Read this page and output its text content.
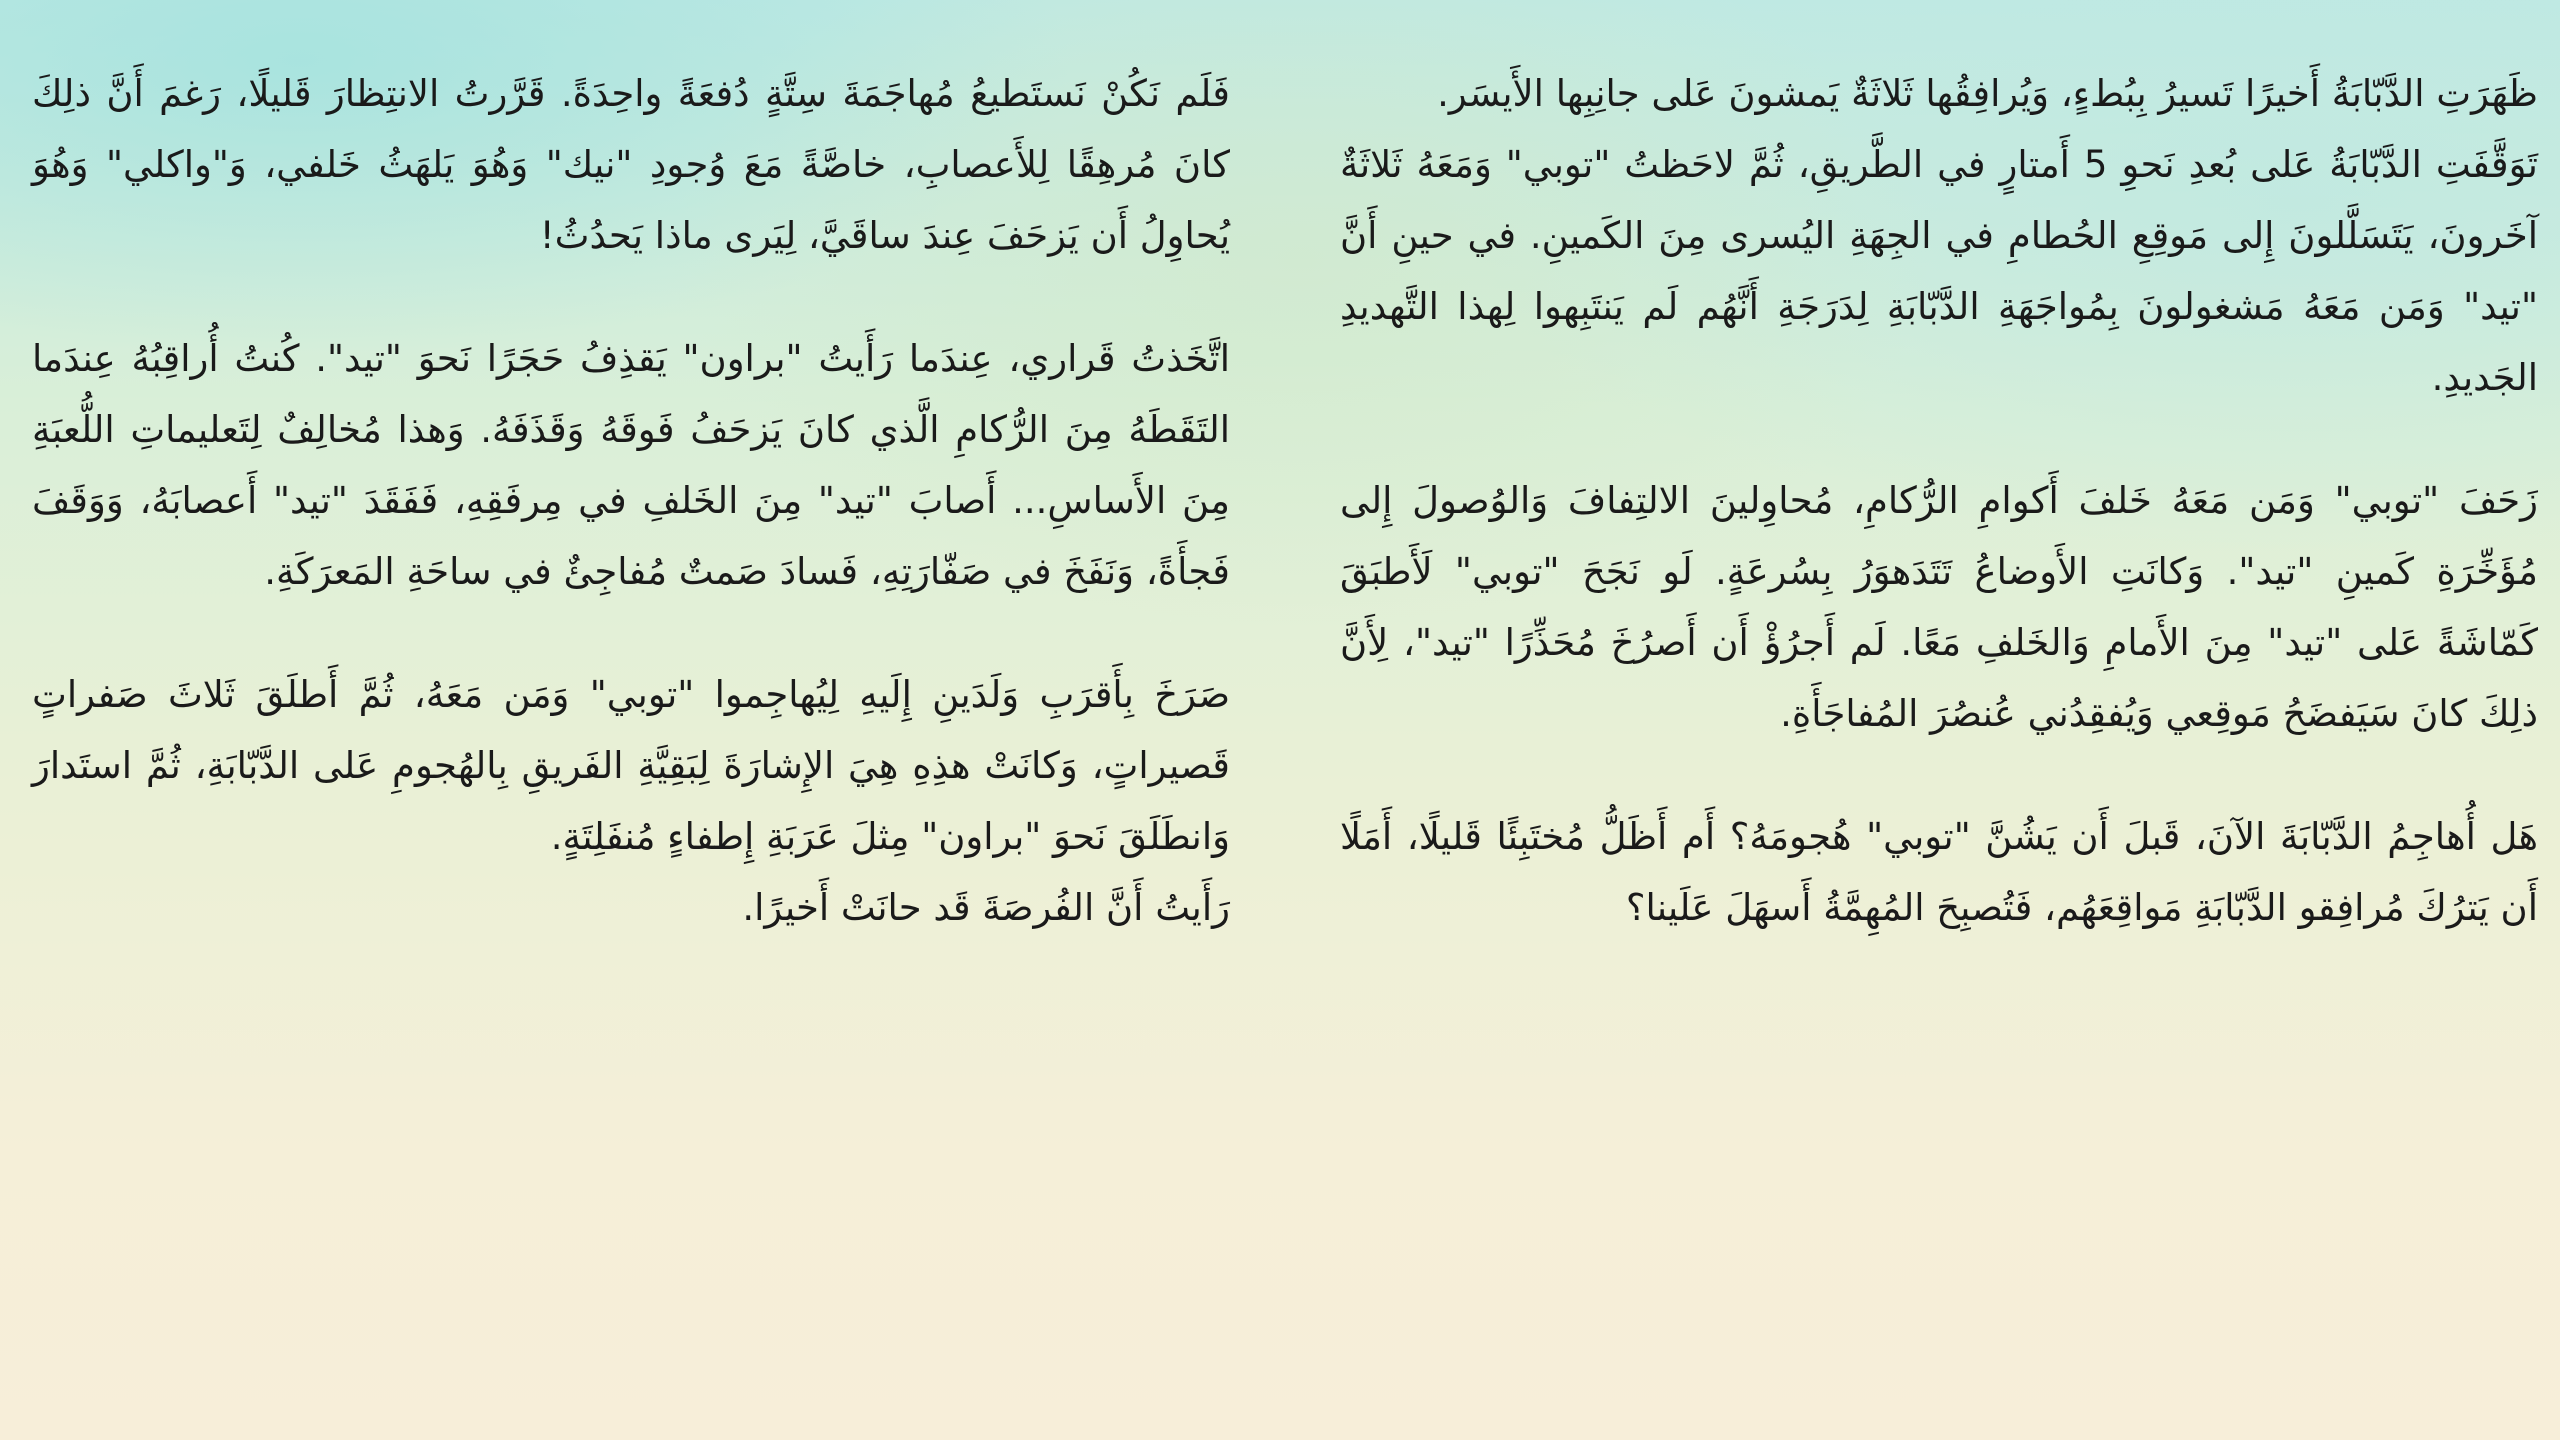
ظَهَرَتِ الدَّبّابَةُ أَخيرًا تَسيرُ بِبُطءٍ، وَيُرافِقُها ثَلاثَةٌ يَمشونَ عَلى جانِبِها الأَيسَر.

تَوَقَّفَتِ الدَّبّابَةُ عَلى بُعدِ نَحوِ 5 أَمتارٍ في الطَّريقِ، ثُمَّ لاحَظتُ "توبي" وَمَعَهُ ثَلاثَةٌ آخَرونَ، يَتَسَلَّلونَ إِلى مَوقِعِ الحُطامِ في الجِهَةِ اليُسرى مِنَ الكَمينِ. في حينِ أَنَّ "تيد" وَمَن مَعَهُ مَشغولونَ بِمُواجَهَةِ الدَّبّابَةِ لِدَرَجَةِ أَنَّهُم لَم يَنتَبِهوا لِهذا التَّهديدِ الجَديدِ.

زَحَفَ "توبي" وَمَن مَعَهُ خَلفَ أَكوامِ الرُّكامِ، مُحاوِلينَ الالتِفافَ وَالوُصولَ إِلى مُؤَخِّرَةِ كَمينِ "تيد". وَكانَتِ الأَوضاعُ تَتَدَهوَرُ بِسُرعَةٍ. لَو نَجَحَ "توبي" لَأَطبَقَ كَمّاشَةً عَلى "تيد" مِنَ الأَمامِ وَالخَلفِ مَعًا. لَم أَجرُؤْ أَن أَصرُخَ مُحَذِّرًا "تيد"، لِأَنَّ ذلِكَ كانَ سَيَفضَحُ مَوقِعي وَيُفقِدُني عُنصُرَ المُفاجَأَةِ.

هَل أُهاجِمُ الدَّبّابَةَ الآنَ، قَبلَ أَن يَشُنَّ "توبي" هُجومَهُ؟ أَم أَظَلُّ مُختَبِئًا قَليلًا، أَمَلًا أَن يَترُكَ مُرافِقو الدَّبّابَةِ مَواقِعَهُم، فَتُصبِحَ المُهِمَّةُ أَسهَلَ عَلَينا؟

فَلَم نَكُنْ نَستَطيعُ مُهاجَمَةَ سِتَّةٍ دُفعَةً واحِدَةً. قَرَّرتُ الانتِظارَ قَليلًا، رَغمَ أَنَّ ذلِكَ كانَ مُرهِقًا لِلأَعصابِ، خاصَّةً مَعَ وُجودِ "نيك" وَهُوَ يَلهَثُ خَلفي، وَ"واكلي" وَهُوَ يُحاوِلُ أَن يَزحَفَ عِندَ ساقَيَّ، لِيَرى ماذا يَحدُثُ!

اتَّخَذتُ قَراري، عِندَما رَأَيتُ "براون" يَقذِفُ حَجَرًا نَحوَ "تيد". كُنتُ أُراقِبُهُ عِندَما التَقَطَهُ مِنَ الرُّكامِ الَّذي كانَ يَزحَفُ فَوقَهُ وَقَذَفَهُ. وَهذا مُخالِفٌ لِتَعليماتِ اللُّعبَةِ مِنَ الأَساسِ... أَصابَ "تيد" مِنَ الخَلفِ في مِرفَقِهِ، فَفَقَدَ "تيد" أَعصابَهُ، وَوَقَفَ فَجأَةً، وَنَفَخَ في صَفّارَتِهِ، فَسادَ صَمتٌ مُفاجِئٌ في ساحَةِ المَعرَكَةِ.

صَرَخَ بِأَقرَبِ وَلَدَينِ إِلَيهِ لِيُهاجِموا "توبي" وَمَن مَعَهُ، ثُمَّ أَطلَقَ ثَلاثَ صَفراتٍ قَصيراتٍ، وَكانَتْ هذِهِ هِيَ الإِشارَةَ لِبَقِيَّةِ الفَريقِ بِالهُجومِ عَلى الدَّبّابَةِ، ثُمَّ استَدارَ وَانطَلَقَ نَحوَ "براون" مِثلَ عَرَبَةِ إِطفاءٍ مُنفَلِتَةٍ.

رَأَيتُ أَنَّ الفُرصَةَ قَد حانَتْ أَخيرًا.
